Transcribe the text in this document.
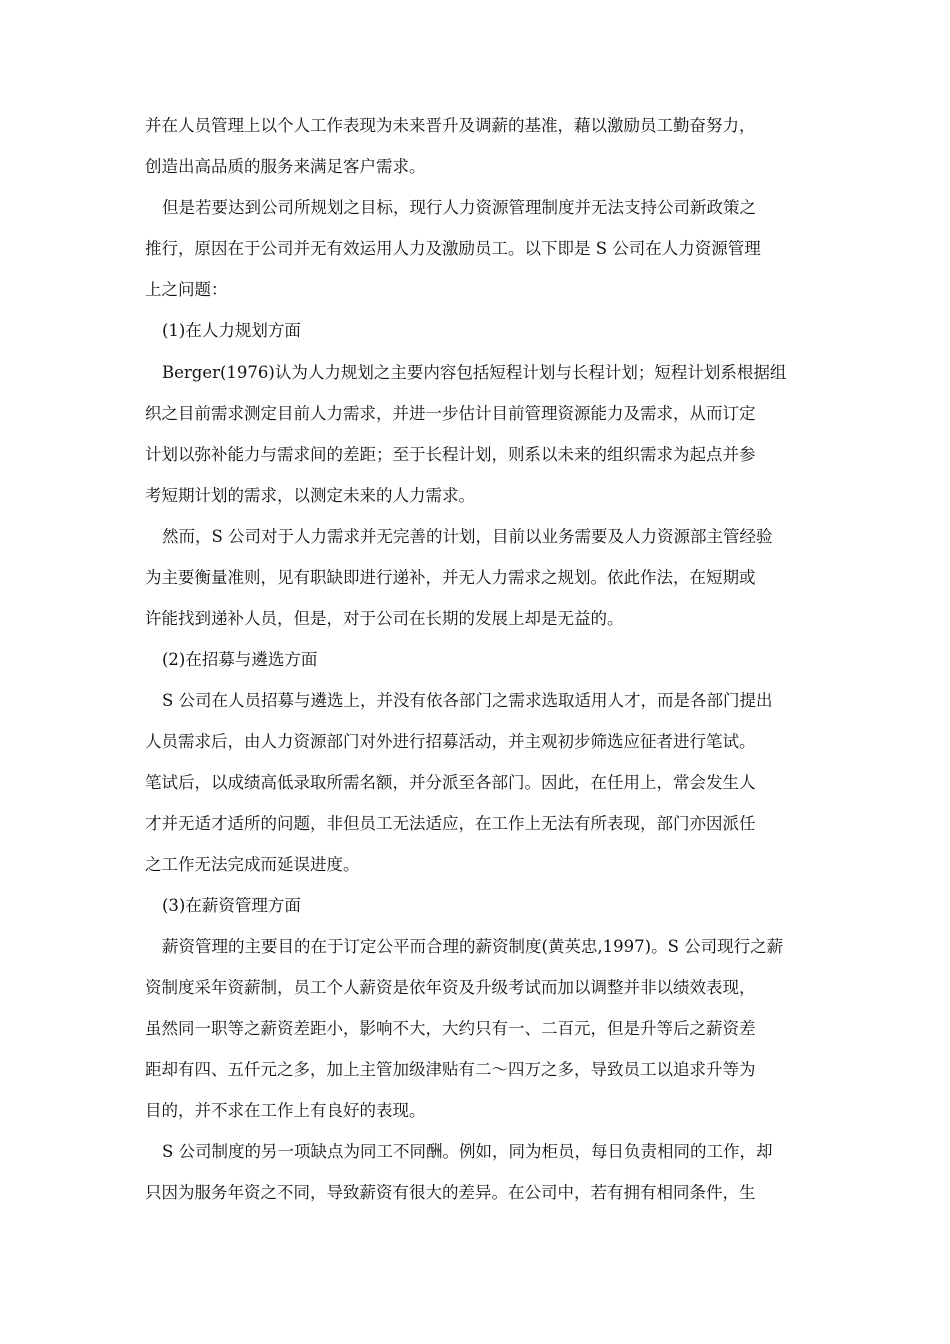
并在人员管理上以个人工作表现为未来晋升及调薪的基准，藉以激励员工勤奋努力，
创造出高品质的服务来满足客户需求。
但是若要达到公司所规划之目标，现行人力资源管理制度并无法支持公司新政策之
推行，原因在于公司并无有效运用人力及激励员工。以下即是 S 公司在人力资源管理
上之问题：
(1)在人力规划方面
Berger(1976)认为人力规划之主要内容包括短程计划与长程计划；短程计划系根据组
织之目前需求测定目前人力需求，并进一步估计目前管理资源能力及需求，从而订定
计划以弥补能力与需求间的差距；至于长程计划，则系以未来的组织需求为起点并参
考短期计划的需求，以测定未来的人力需求。
然而，S 公司对于人力需求并无完善的计划，目前以业务需要及人力资源部主管经验
为主要衡量准则，见有职缺即进行递补，并无人力需求之规划。依此作法，在短期或
许能找到递补人员，但是，对于公司在长期的发展上却是无益的。
(2)在招募与遴选方面
S 公司在人员招募与遴选上，并没有依各部门之需求选取适用人才，而是各部门提出
人员需求后，由人力资源部门对外进行招募活动，并主观初步筛选应征者进行笔试。
笔试后，以成绩高低录取所需名额，并分派至各部门。因此，在任用上，常会发生人
才并无适才适所的问题，非但员工无法适应，在工作上无法有所表现，部门亦因派任
之工作无法完成而延误进度。
(3)在薪资管理方面
薪资管理的主要目的在于订定公平而合理的薪资制度(黄英忠,1997)。S 公司现行之薪
资制度采年资薪制，员工个人薪资是依年资及升级考试而加以调整并非以绩效表现，
虽然同一职等之薪资差距小，影响不大，大约只有一、二百元，但是升等后之薪资差
距却有四、五仟元之多，加上主管加级津贴有二～四万之多，导致员工以追求升等为
目的，并不求在工作上有良好的表现。
S 公司制度的另一项缺点为同工不同酬。例如，同为柜员，每日负责相同的工作，却
只因为服务年资之不同，导致薪资有很大的差异。在公司中，若有拥有相同条件，生
